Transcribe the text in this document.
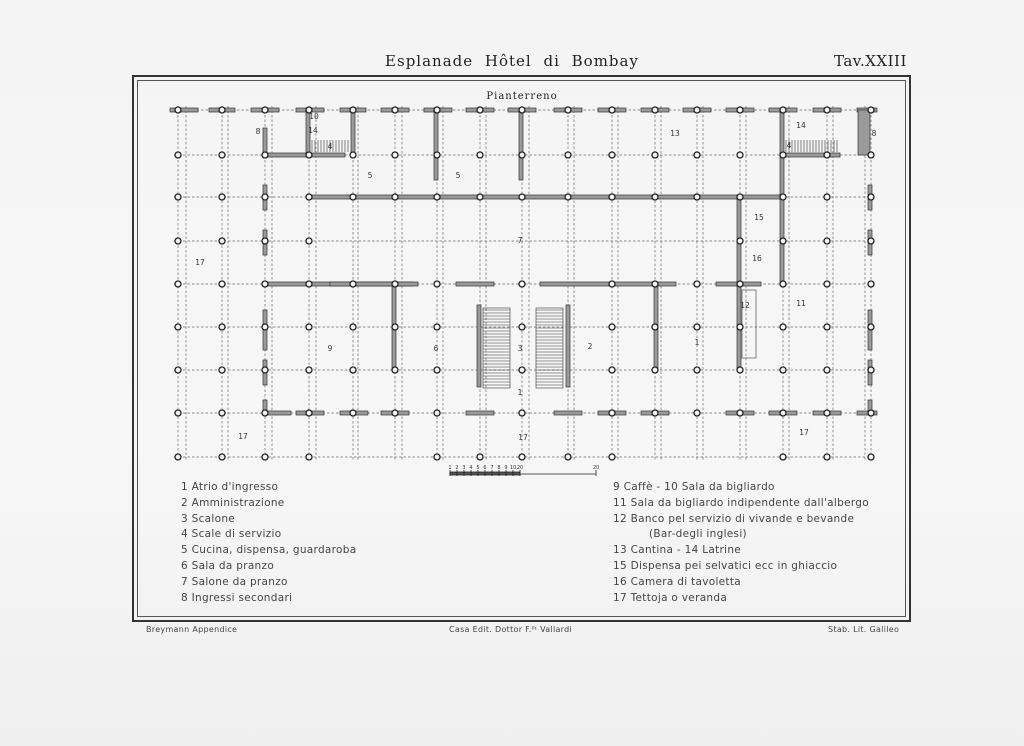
Esplanade Hôtel di Bombay	Tav.XXIII
Pianterreno
8
10
14
4
5	5
13
14
4
8
7
15
16
17
12	11
9	6	3	2
1
1
17	17
17
1 2 3 4 5 6 7 8 9 10 20	20
1 Atrio d'ingresso
2 Amministrazione
3 Scalone
4 Scale di servizio
5 Cucina, dispensa, guardaroba
6 Sala da pranzo
7 Salone da pranzo
8 Ingressi secondari
9 Caffè - 10 Sala da bigliardo
11 Sala da bigliardo indipendente dall'albergo
12 Banco pel servizio di vivande e bevande
(Bar-degli inglesi)
13 Cantina - 14 Latrine
15 Dispensa pei selvatici ecc in ghiaccio
16 Camera di tavoletta
17 Tettoja o veranda
Breymann Appendice	Casa Edit. Dottor F.ˡˡᶦ Vallardi	Stab. Lit. Galileo
